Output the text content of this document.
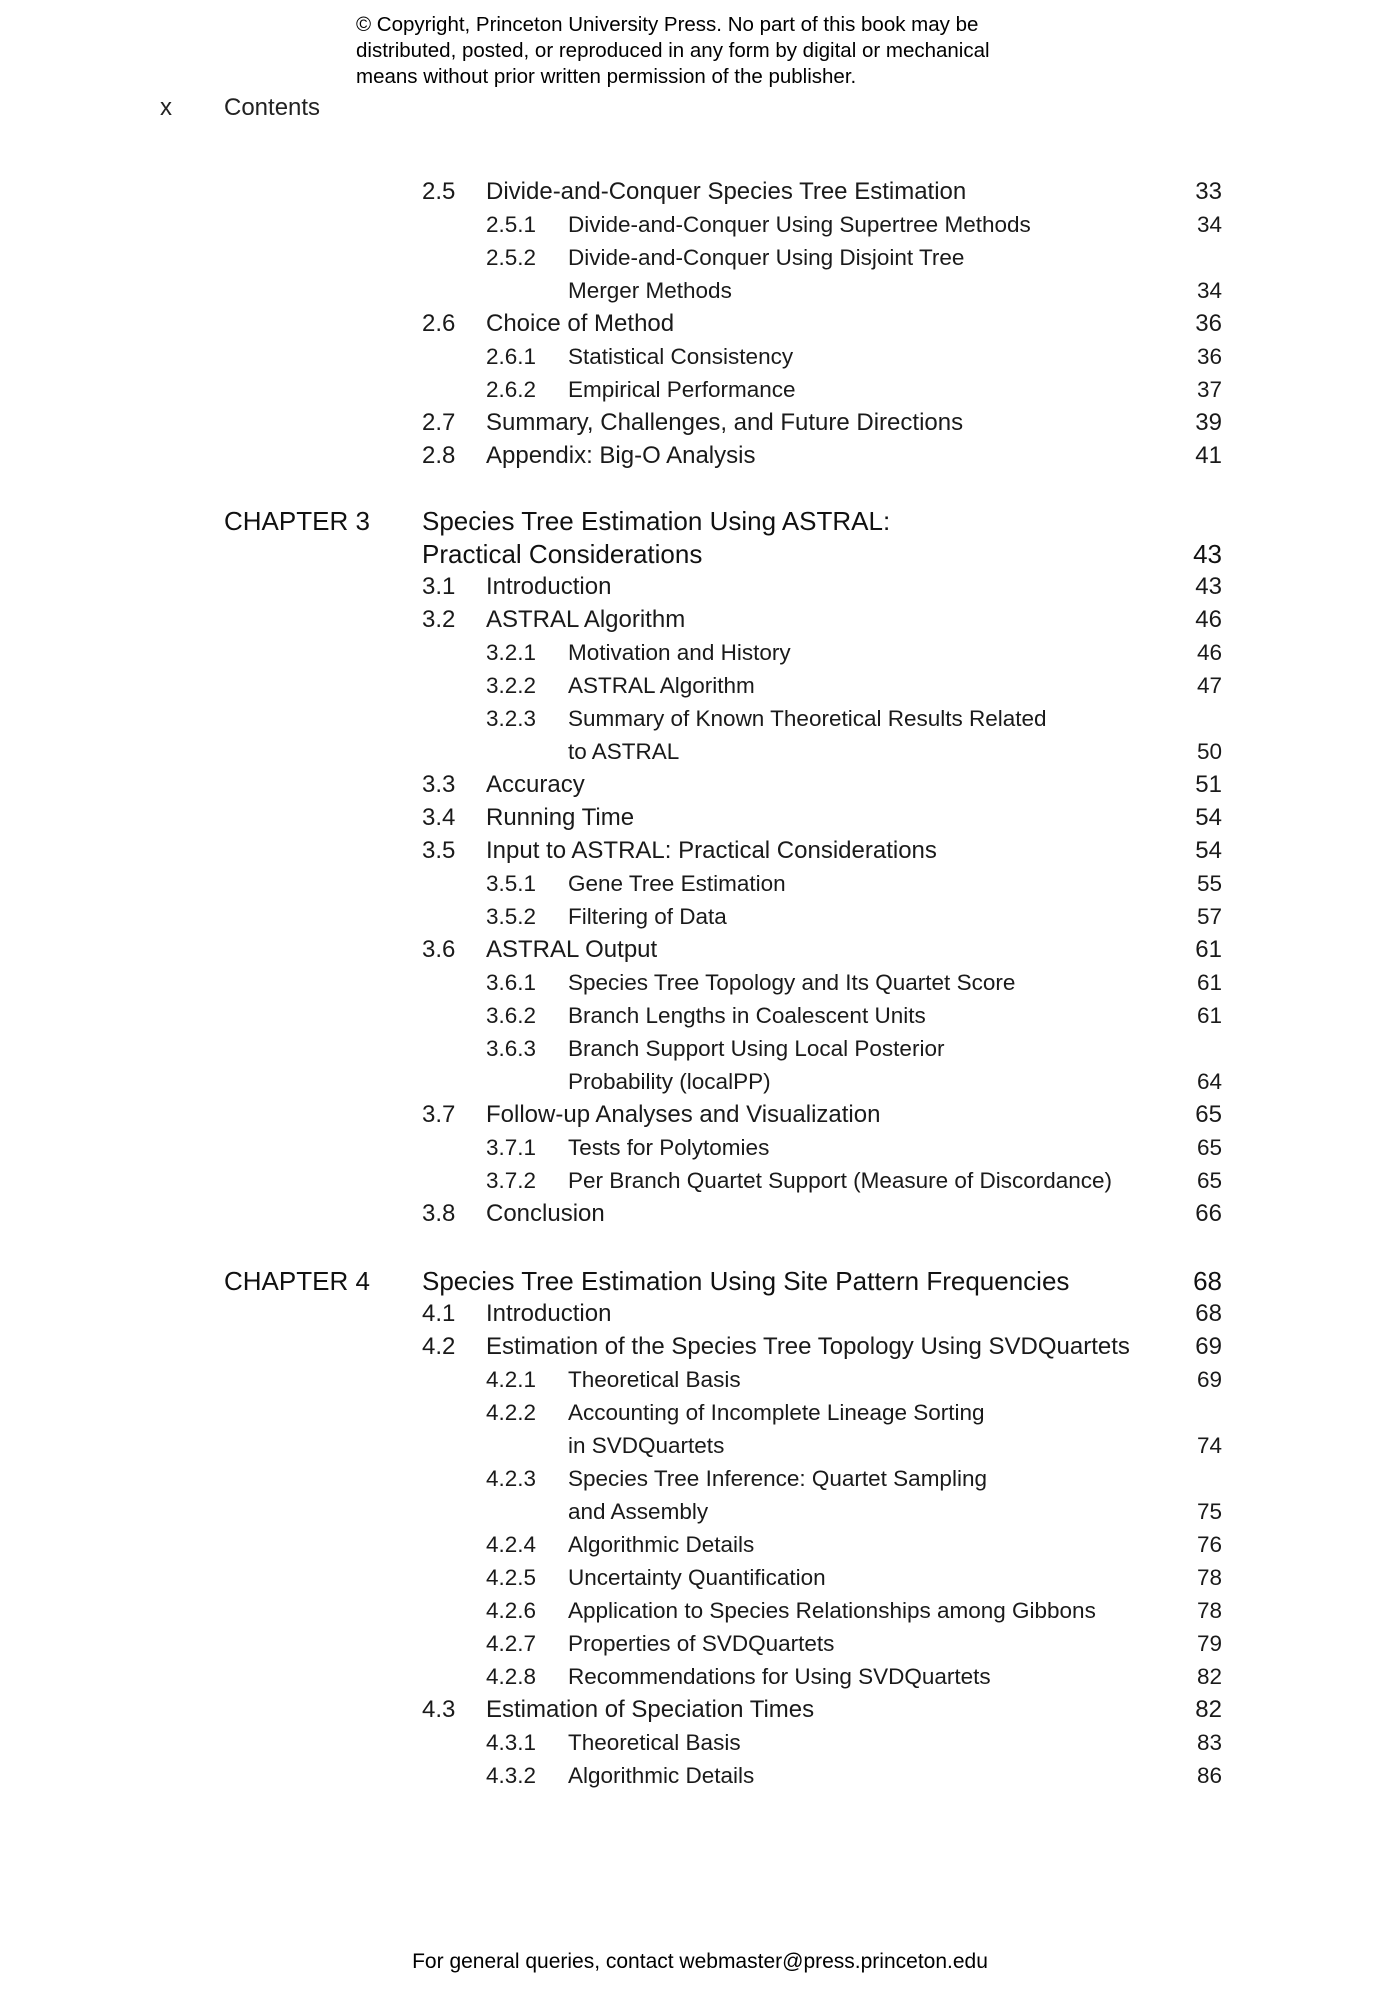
© Copyright, Princeton University Press. No part of this book may be
distributed, posted, or reproduced in any form by digital or mechanical
means without prior written permission of the publisher.
x Contents
2.5 Divide-and-Conquer Species Tree Estimation	33
2.5.1 Divide-and-Conquer Using Supertree Methods	34
2.5.2 Divide-and-Conquer Using Disjoint Tree
Merger Methods	34
2.6 Choice of Method	36
2.6.1 Statistical Consistency	36
2.6.2 Empirical Performance	37
2.7 Summary, Challenges, and Future Directions	39
2.8 Appendix: Big-O Analysis	41
CHAPTER 3 Species Tree Estimation Using ASTRAL:
Practical Considerations	43
3.1 Introduction	43
3.2 ASTRAL Algorithm	46
3.2.1 Motivation and History	46
3.2.2 ASTRAL Algorithm	47
3.2.3 Summary of Known Theoretical Results Related
to ASTRAL	50
3.3 Accuracy	51
3.4 Running Time	54
3.5 Input to ASTRAL: Practical Considerations	54
3.5.1 Gene Tree Estimation	55
3.5.2 Filtering of Data	57
3.6 ASTRAL Output	61
3.6.1 Species Tree Topology and Its Quartet Score	61
3.6.2 Branch Lengths in Coalescent Units	61
3.6.3 Branch Support Using Local Posterior
Probability (localPP)	64
3.7 Follow-up Analyses and Visualization	65
3.7.1 Tests for Polytomies	65
3.7.2 Per Branch Quartet Support (Measure of Discordance)	65
3.8 Conclusion	66
CHAPTER 4 Species Tree Estimation Using Site Pattern Frequencies	68
4.1 Introduction	68
4.2 Estimation of the Species Tree Topology Using SVDQuartets	69
4.2.1 Theoretical Basis	69
4.2.2 Accounting of Incomplete Lineage Sorting
in SVDQuartets	74
4.2.3 Species Tree Inference: Quartet Sampling
and Assembly	75
4.2.4 Algorithmic Details	76
4.2.5 Uncertainty Quantification	78
4.2.6 Application to Species Relationships among Gibbons	78
4.2.7 Properties of SVDQuartets	79
4.2.8 Recommendations for Using SVDQuartets	82
4.3 Estimation of Speciation Times	82
4.3.1 Theoretical Basis	83
4.3.2 Algorithmic Details	86
For general queries, contact webmaster@press.princeton.edu
